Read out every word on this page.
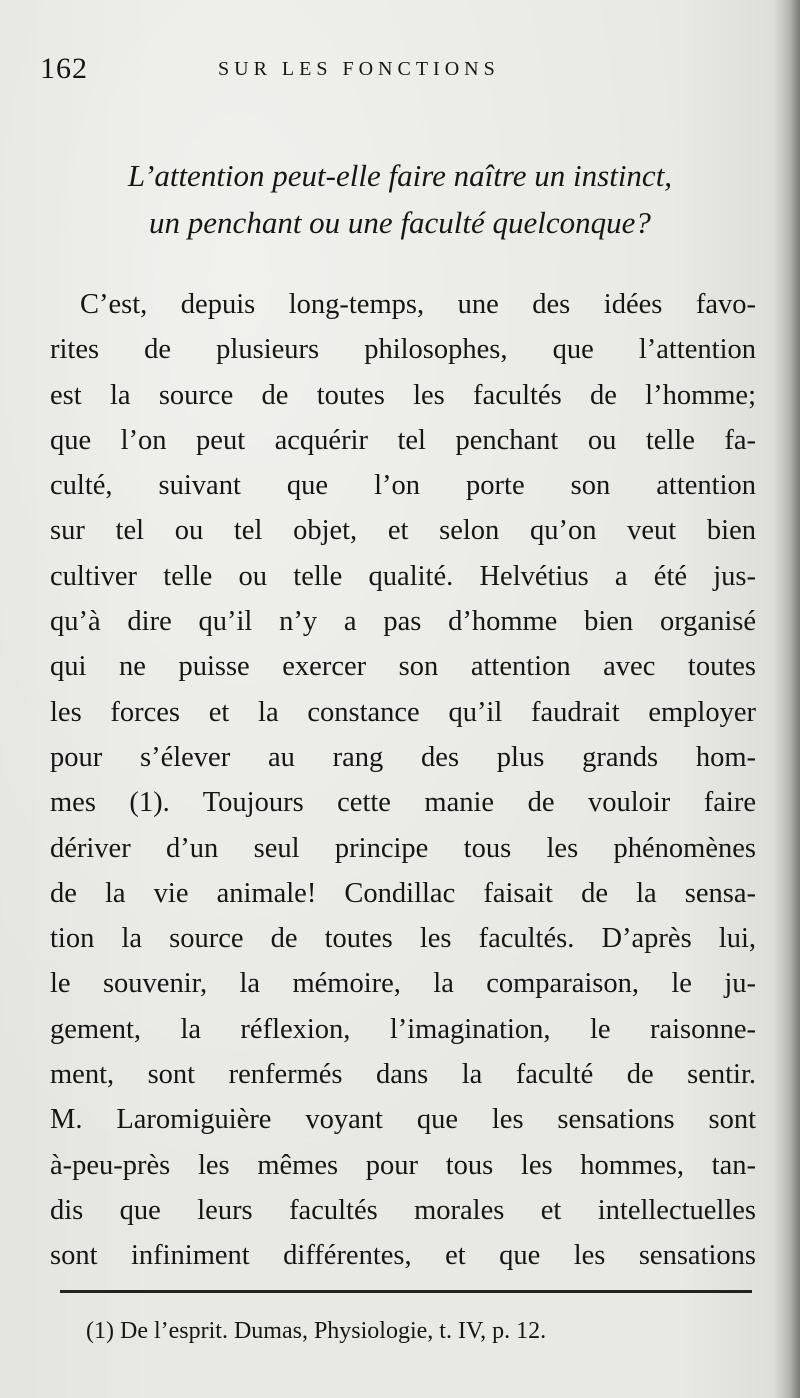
162	SUR LES FONCTIONS
L’attention peut-elle faire naître un instinct,
un penchant ou une faculté quelconque?
C’est, depuis long-temps, une des idées favo-
rites de plusieurs philosophes, que l’attention
est la source de toutes les facultés de l’homme;
que l’on peut acquérir tel penchant ou telle fa-
culté, suivant que l’on porte son attention
sur tel ou tel objet, et selon qu’on veut bien
cultiver telle ou telle qualité. Helvétius a été jus-
qu’à dire qu’il n’y a pas d’homme bien organisé
qui ne puisse exercer son attention avec toutes
les forces et la constance qu’il faudrait employer
pour s’élever au rang des plus grands hom-
mes (1). Toujours cette manie de vouloir faire
dériver d’un seul principe tous les phénomènes
de la vie animale! Condillac faisait de la sensa-
tion la source de toutes les facultés. D’après lui,
le souvenir, la mémoire, la comparaison, le ju-
gement, la réflexion, l’imagination, le raisonne-
ment, sont renfermés dans la faculté de sentir.
M. Laromiguière voyant que les sensations sont
à-peu-près les mêmes pour tous les hommes, tan-
dis que leurs facultés morales et intellectuelles
sont infiniment différentes, et que les sensations
(1) De l’esprit. Dumas, Physiologie, t. IV, p. 12.
